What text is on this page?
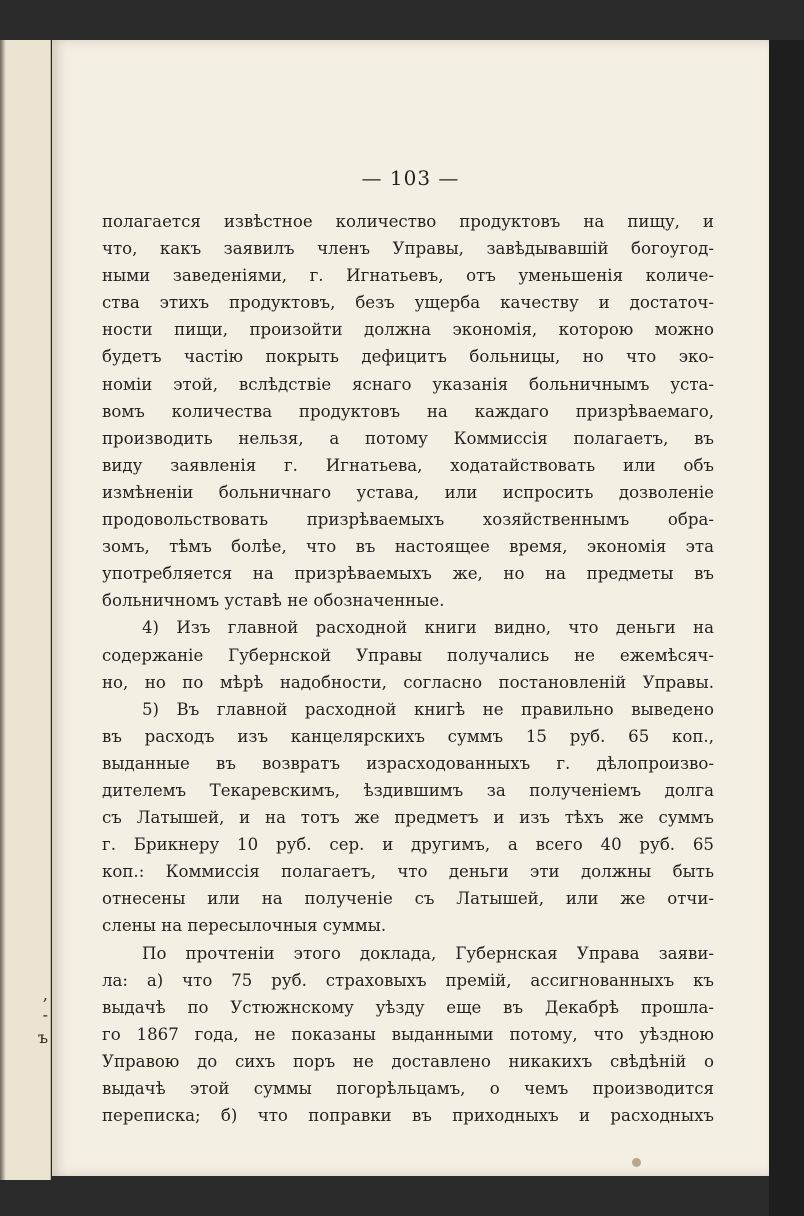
,
-
ъ
— 103 —
полагается извѣстное количество продуктовъ на пищу, и
что, какъ заявилъ членъ Управы, завѣдывавшій богоугод-
ными заведеніями, г. Игнатьевъ, отъ уменьшенія количе-
ства этихъ продуктовъ, безъ ущерба качеству и достаточ-
ности пищи, произойти должна экономія, которою можно
будетъ частію покрыть дефицитъ больницы, но что эко-
номіи этой, вслѣдствіе яснаго указанія больничнымъ уста-
вомъ количества продуктовъ на каждаго призрѣваемаго,
производить нельзя, а потому Коммиссія полагаетъ, въ
виду заявленія г. Игнатьева, ходатайствовать или объ
измѣненіи больничнаго устава, или испросить дозволеніе
продовольствовать призрѣваемыхъ хозяйственнымъ обра-
зомъ, тѣмъ болѣе, что въ настоящее время, экономія эта
употребляется на призрѣваемыхъ же, но на предметы въ
больничномъ уставѣ не обозначенные.
4) Изъ главной расходной книги видно, что деньги на
содержаніе Губернской Управы получались не ежемѣсяч-
но, но по мѣрѣ надобности, согласно постановленій Управы.
5) Въ главной расходной книгѣ не правильно выведено
въ расходъ изъ канцелярскихъ суммъ 15 руб. 65 коп.,
выданные въ возвратъ израсходованныхъ г. дѣлопроизво-
дителемъ Текаревскимъ, ѣздившимъ за полученіемъ долга
съ Латышей, и на тотъ же предметъ и изъ тѣхъ же суммъ
г. Брикнеру 10 руб. сер. и другимъ, а всего 40 руб. 65
коп.: Коммиссія полагаетъ, что деньги эти должны быть
отнесены или на полученіе съ Латышей, или же отчи-
слены на пересылочныя суммы.
По прочтеніи этого доклада, Губернская Управа заяви-
ла: а) что 75 руб. страховыхъ премій, ассигнованныхъ къ
выдачѣ по Устюжнскому уѣзду еще въ Декабрѣ прошла-
го 1867 года, не показаны выданными потому, что уѣздною
Управою до сихъ поръ не доставлено никакихъ свѣдѣній о
выдачѣ этой суммы погорѣльцамъ, о чемъ производится
переписка; б) что поправки въ приходныхъ и расходныхъ
